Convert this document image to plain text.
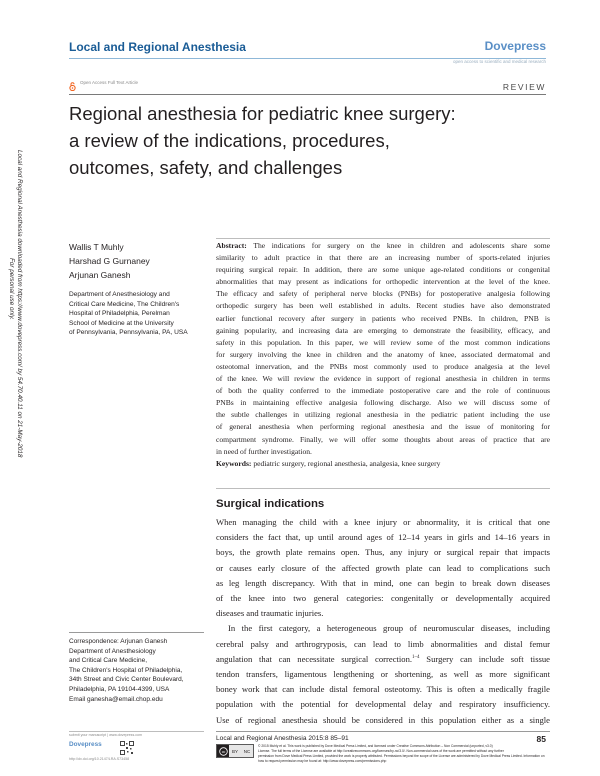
Local and Regional Anesthesia	Dovepress
open access to scientific and medical research
Open Access Full Text Article	REVIEW
Regional anesthesia for pediatric knee surgery:
a review of the indications, procedures,
outcomes, safety, and challenges
Local and Regional Anesthesia downloaded from https://www.dovepress.com/ by 54.70.40.11 on 21-May-2018
For personal use only.
Wallis T Muhly
Harshad G Gurnaney
Arjunan Ganesh
Department of Anesthesiology and
Critical Care Medicine, The Children's
Hospital of Philadelphia, Perelman
School of Medicine at the University
of Pennsylvania, Pennsylvania, PA, USA
Correspondence: Arjunan Ganesh
Department of Anesthesiology
and Critical Care Medicine,
The Children's Hospital of Philadelphia,
34th Street and Civic Center Boulevard,
Philadelphia, PA 19104-4399, USA
Email ganesha@email.chop.edu
Abstract: The indications for surgery on the knee in children and adolescents share some
similarity to adult practice in that there are an increasing number of sports-related injuries
requiring surgical repair. In addition, there are some unique age-related conditions or congenital
abnormalities that may present as indications for orthopedic intervention at the level of the knee.
The efficacy and safety of peripheral nerve blocks (PNBs) for postoperative analgesia following
orthopedic surgery has been well established in adults. Recent studies have also demonstrated
earlier functional recovery after surgery in patients who received PNBs. In children, PNB is
gaining popularity, and increasing data are emerging to demonstrate the feasibility, efficacy, and
safety in this population. In this paper, we will review some of the most common indications
for surgery involving the knee in children and the anatomy of knee, associated dermatomal and
osteotomal innervation, and the PNBs most commonly used to produce analgesia at the level
of the knee. We will review the evidence in support of regional anesthesia in children in terms
of both the quality conferred to the immediate postoperative care and the role of continuous
PNBs in maintaining effective analgesia following discharge. Also we will discuss some of
the subtle challenges in utilizing regional anesthesia in the pediatric patient including the use
of general anesthesia when performing regional anesthesia and the issue of monitoring for
compartment syndrome. Finally, we will offer some thoughts about areas of practice that are
in need of further investigation.
Keywords: pediatric surgery, regional anesthesia, analgesia, knee surgery
Surgical indications
When managing the child with a knee injury or abnormality, it is critical that one
considers the fact that, up until around ages of 12–14 years in girls and 14–16 years in
boys, the growth plate remains open. Thus, any injury or surgical repair that impacts
or causes early closure of the affected growth plate can lead to complications such
as leg length discrepancy. With that in mind, one can begin to break down diseases
of the knee into two general categories: congenitally or developmentally acquired
diseases and traumatic injuries.
In the first category, a heterogeneous group of neuromuscular diseases, including
cerebral palsy and arthrogryposis, can lead to limb abnormalities and distal femur
angulation that can necessitate surgical correction.$^{1-4}$ Surgery can include soft tissue
tendon transfers, ligamentous lengthening or shortening, as well as more significant
boney work that can include distal femoral osteotomy. This is often a medically fragile
population with the potential for developmental delay and respiratory insufficiency.
Use of regional anesthesia should be considered in this population either as a single
submit your manuscript | www.dovepress.com
Dovepress
http://dx.doi.org/10.2147/LRA.S73458
Local and Regional Anesthesia 2015:8 85–91	85
cc	BY	NC
© 2015 Muhly et al. This work is published by Dove Medical Press Limited, and licensed under Creative Commons Attribution – Non Commercial (unported, v3.0)
License. The full terms of the License are available at http://creativecommons.org/licenses/by-nc/3.0/. Non-commercial uses of the work are permitted without any further
permission from Dove Medical Press Limited, provided the work is properly attributed. Permissions beyond the scope of the License are administered by Dove Medical Press Limited. Information on
how to request permission may be found at: http://www.dovepress.com/permissions.php
